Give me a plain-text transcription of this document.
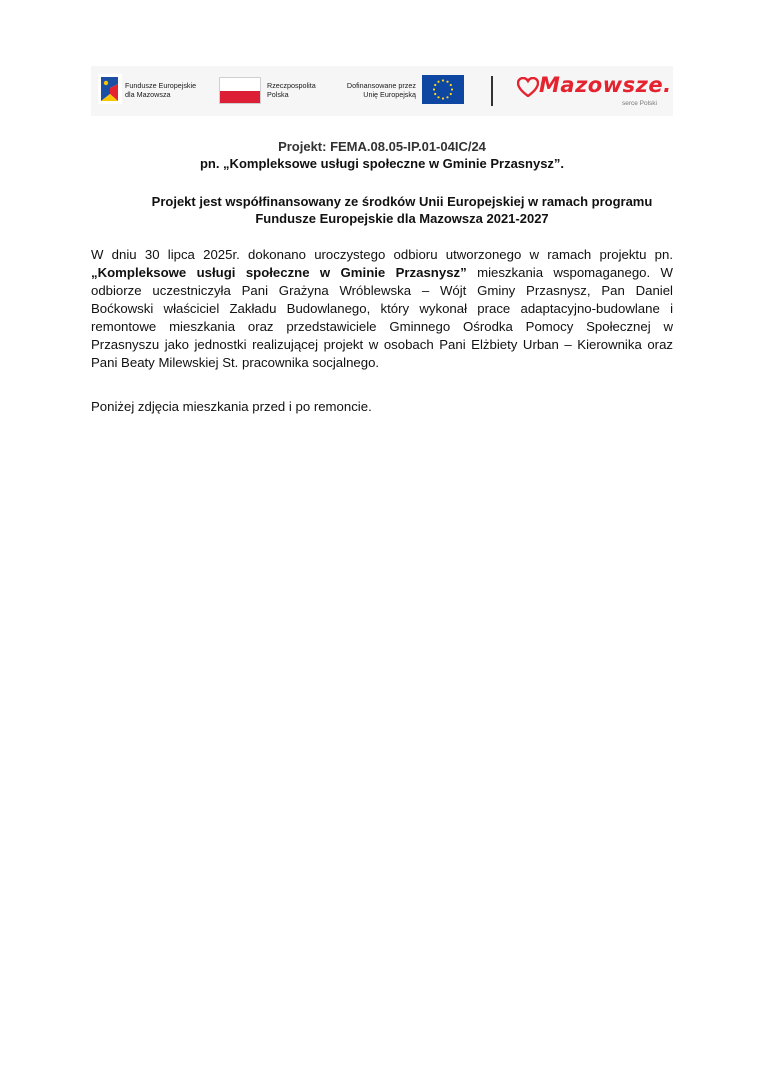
Fundusze Europejskie
dla Mazowsza
Rzeczpospolita
Polska
Dofinansowane przez
Unię Europejską	Mazowsze.
serce Polski
Projekt: FEMA.08.05-IP.01-04IC/24
pn. „Kompleksowe usługi społeczne w Gminie Przasnysz”.
Projekt jest współfinansowany ze środków Unii Europejskiej w ramach programu
Fundusze Europejskie dla Mazowsza 2021-2027
W dniu 30 lipca 2025r. dokonano uroczystego odbioru utworzonego w ramach projektu pn.
„Kompleksowe usługi społeczne w Gminie Przasnysz” mieszkania wspomaganego. W
odbiorze uczestniczyła Pani Grażyna Wróblewska – Wójt Gminy Przasnysz, Pan Daniel
Boćkowski właściciel Zakładu Budowlanego, który wykonał prace adaptacyjno-budowlane i
remontowe mieszkania oraz przedstawiciele Gminnego Ośrodka Pomocy Społecznej w
Przasnyszu jako jednostki realizującej projekt w osobach Pani Elżbiety Urban – Kierownika oraz
Pani Beaty Milewskiej St. pracownika socjalnego.
Poniżej zdjęcia mieszkania przed i po remoncie.
